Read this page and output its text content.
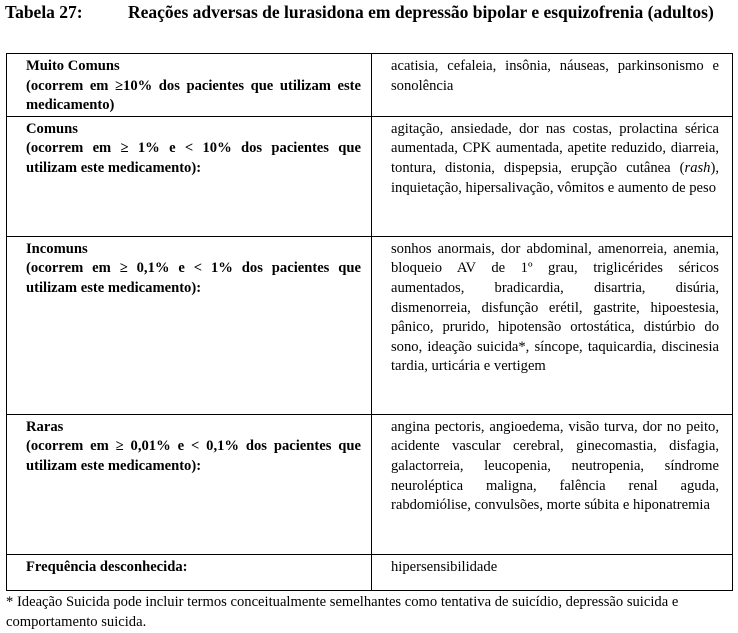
Tabela 27:	Reações adversas de lurasidona em depressão bipolar e esquizofrenia (adultos)
Muito Comuns
(ocorrem em ≥10% dos pacientes que utilizam este medicamento)	acatisia, cefaleia, insônia, náuseas, parkinsonismo e sonolência

Comuns
(ocorrem em ≥ 1% e < 10% dos pacientes que utilizam este medicamento):	agitação, ansiedade, dor nas costas, prolactina sérica aumentada, CPK aumentada, apetite reduzido, diarreia, tontura, distonia, dispepsia, erupção cutânea (rash), inquietação, hipersalivação, vômitos e aumento de peso

Incomuns
(ocorrem em ≥ 0,1% e < 1% dos pacientes que utilizam este medicamento):	sonhos anormais, dor abdominal, amenorreia, anemia, bloqueio AV de 1º grau, triglicérides séricos aumentados, bradicardia, disartria, disúria, dismenorreia, disfunção erétil, gastrite, hipoestesia, pânico, prurido, hipotensão ortostática, distúrbio do sono, ideação suicida*, síncope, taquicardia, discinesia tardia, urticária e vertigem

Raras
(ocorrem em ≥ 0,01% e < 0,1% dos pacientes que utilizam este medicamento):	angina pectoris, angioedema, visão turva, dor no peito, acidente vascular cerebral, ginecomastia, disfagia, galactorreia, leucopenia, neutropenia, síndrome neuroléptica maligna, falência renal aguda, rabdomiólise, convulsões, morte súbita e hiponatremia

Frequência desconhecida:	hipersensibilidade
* Ideação Suicida pode incluir termos conceitualmente semelhantes como tentativa de suicídio, depressão suicida e comportamento suicida.
